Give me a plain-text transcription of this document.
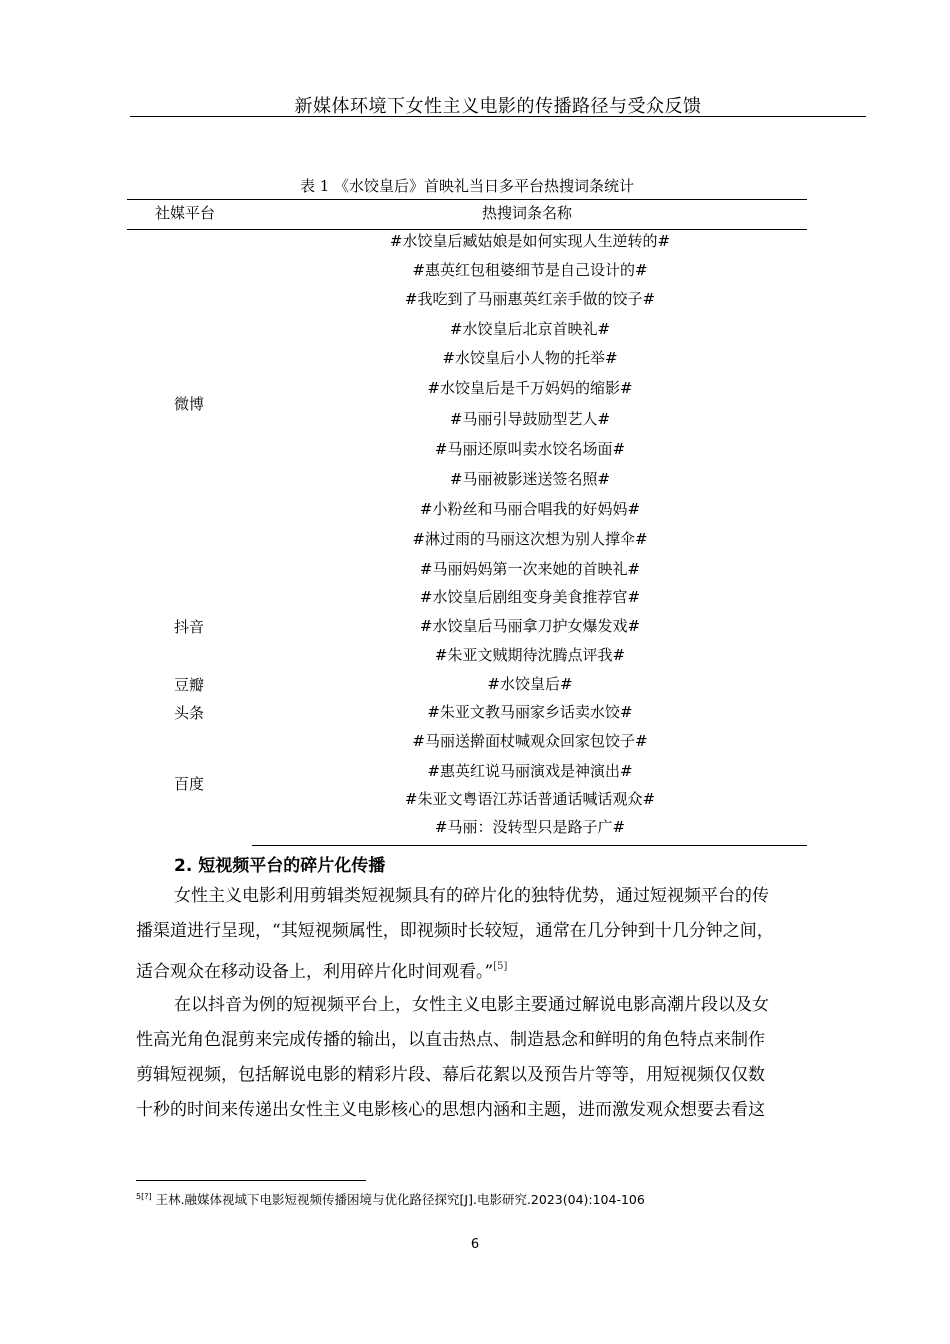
新媒体环境下女性主义电影的传播路径与受众反馈
表 1 《水饺皇后》首映礼当日多平台热搜词条统计
社媒平台	热搜词条名称
微博
抖音
豆瓣
头条
百度
#水饺皇后臧姑娘是如何实现人生逆转的#
#惠英红包租婆细节是自己设计的#
#我吃到了马丽惠英红亲手做的饺子#
#水饺皇后北京首映礼#
#水饺皇后小人物的托举#
#水饺皇后是千万妈妈的缩影#
#马丽引导鼓励型艺人#
#马丽还原叫卖水饺名场面#
#马丽被影迷送签名照#
#小粉丝和马丽合唱我的好妈妈#
#淋过雨的马丽这次想为别人撑伞#
#马丽妈妈第一次来她的首映礼#
#水饺皇后剧组变身美食推荐官#
#水饺皇后马丽拿刀护女爆发戏#
#朱亚文贼期待沈腾点评我#
#水饺皇后#
#朱亚文教马丽家乡话卖水饺#
#马丽送擀面杖喊观众回家包饺子#
#惠英红说马丽演戏是神演出#
#朱亚文粤语江苏话普通话喊话观众#
#马丽：没转型只是路子广#
2. 短视频平台的碎片化传播
女性主义电影利用剪辑类短视频具有的碎片化的独特优势，通过短视频平台的传
播渠道进行呈现，“其短视频属性，即视频时长较短，通常在几分钟到十几分钟之间，
适合观众在移动设备上，利用碎片化时间观看。”[5]
在以抖音为例的短视频平台上，女性主义电影主要通过解说电影高潮片段以及女
性高光角色混剪来完成传播的输出，以直击热点、制造悬念和鲜明的角色特点来制作
剪辑短视频，包括解说电影的精彩片段、幕后花絮以及预告片等等，用短视频仅仅数
十秒的时间来传递出女性主义电影核心的思想内涵和主题，进而激发观众想要去看这
$^{5[?]}$ 王林.融媒体视域下电影短视频传播困境与优化路径探究[J].电影研究.2023(04):104-106
6
